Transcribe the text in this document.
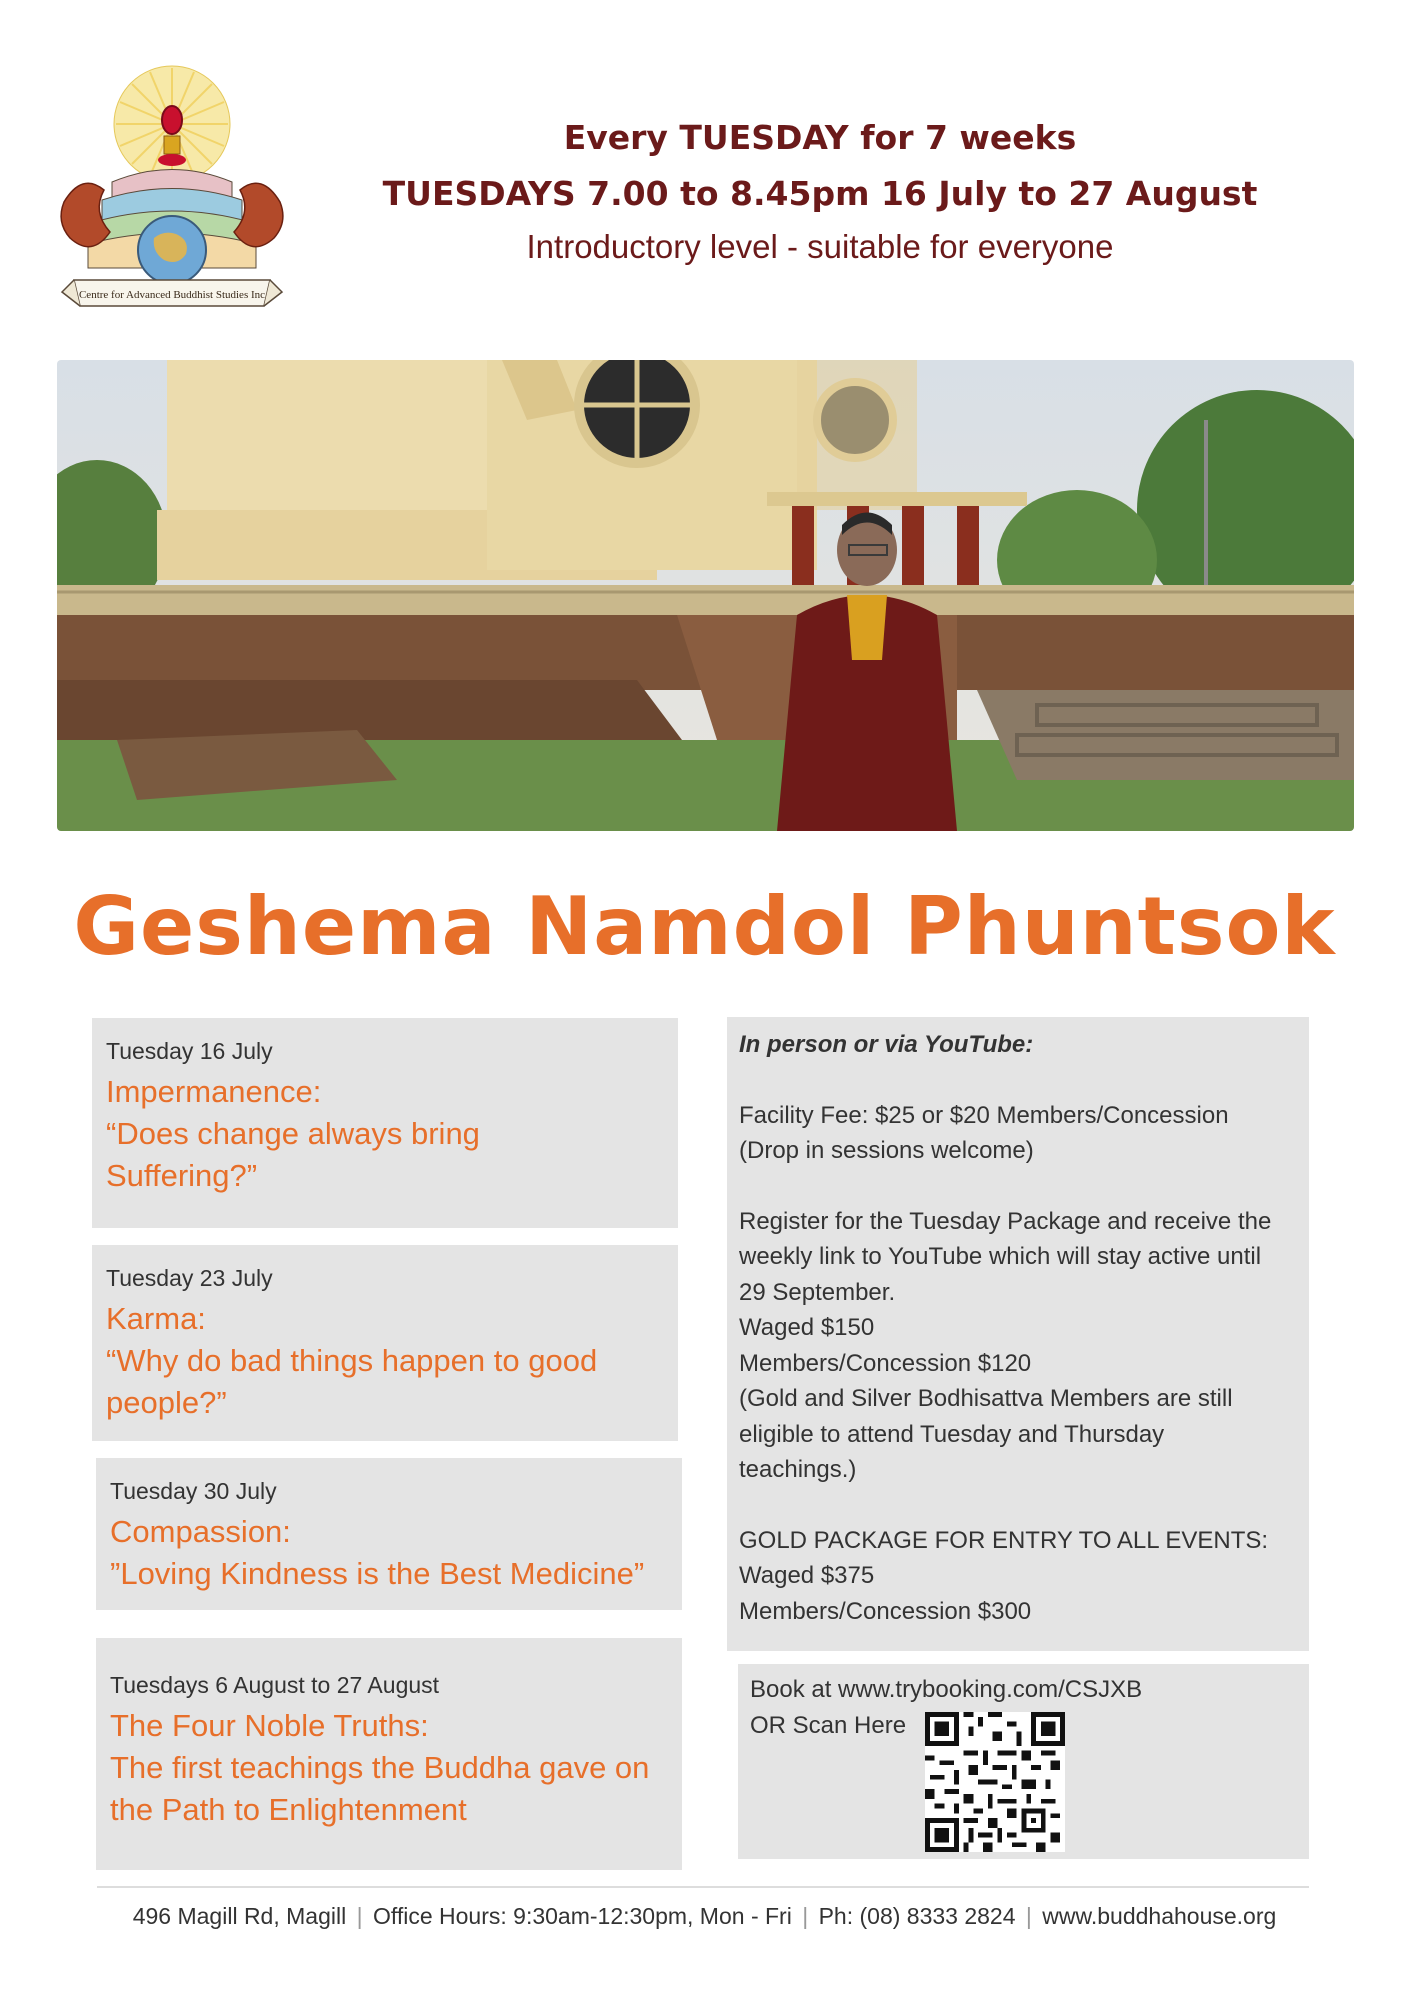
Centre for Advanced Buddhist Studies Inc
Every TUESDAY for 7 weeks
TUESDAYS 7.00 to 8.45pm 16 July to 27 August
Introductory level - suitable for everyone
Geshema Namdol Phuntsok
Tuesday 16 July
Impermanence:
“Does change always bring
Suffering?”
Tuesday 23 July
Karma:
“Why do bad things happen to good
people?”
Tuesday 30 July
Compassion:
”Loving Kindness is the Best Medicine”
Tuesdays 6 August to 27 August
The Four Noble Truths:
The first teachings the Buddha gave on
the Path to Enlightenment

In person or via YouTube:

Facility Fee: $25 or $20 Members/Concession

(Drop in sessions welcome)

Register for the Tuesday Package and receive the

weekly link to YouTube which will stay active until

29 September.

Waged $150

Members/Concession $120

(Gold and Silver Bodhisattva Members are still

eligible to attend Tuesday and Thursday

teachings.)

GOLD PACKAGE FOR ENTRY TO ALL EVENTS:

Waged $375

Members/Concession $300

Book at www.trybooking.com/CSJXB
OR Scan Here
496 Magill Rd, Magill | Office Hours: 9:30am-12:30pm, Mon - Fri | Ph: (08) 8333 2824 | www.buddhahouse.org
